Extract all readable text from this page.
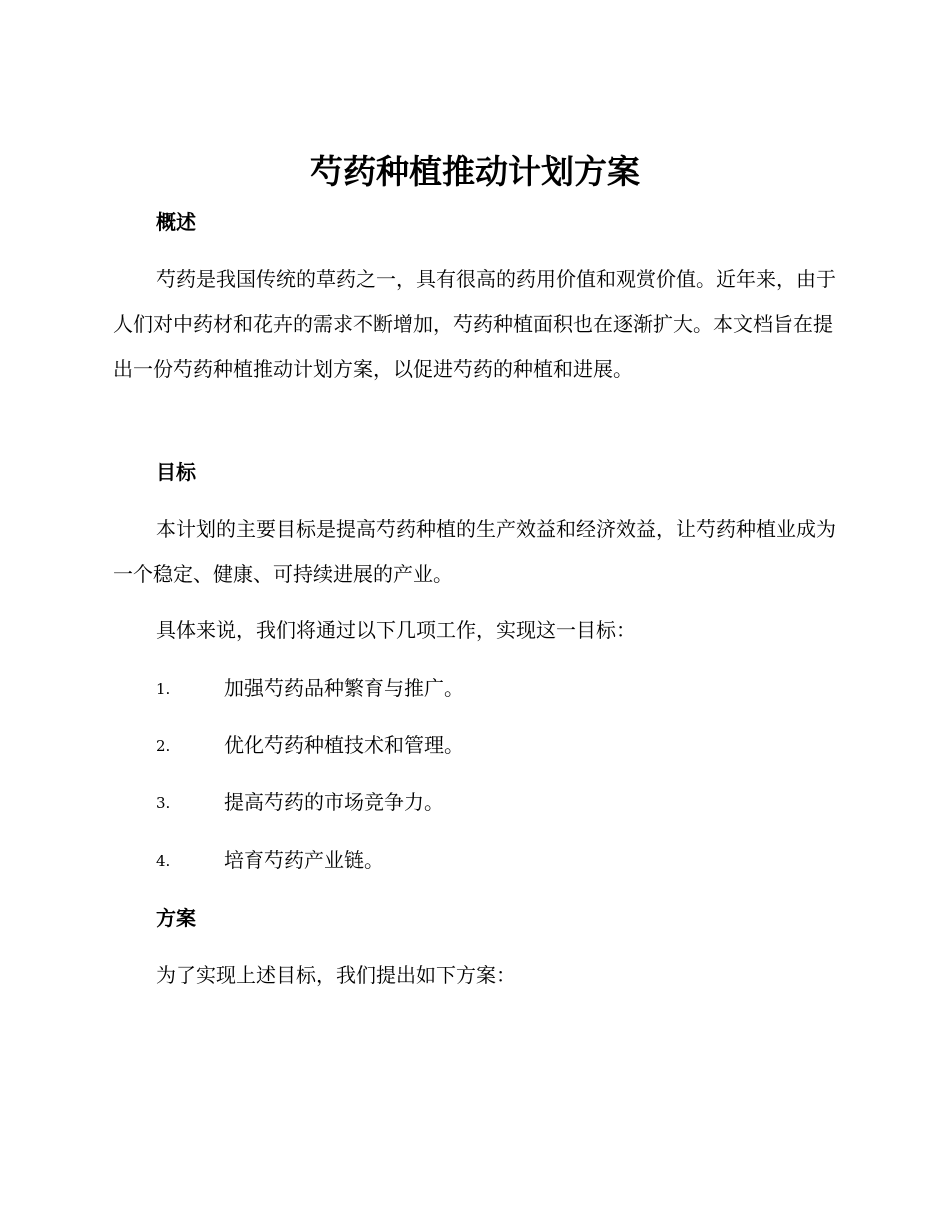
芍药种植推动计划方案
概述

芍药是我国传统的草药之一，具有很高的药用价值和观赏价值。近年来，由于人们对中药材和花卉的需求不断增加，芍药种植面积也在逐渐扩大。本文档旨在提出一份芍药种植推动计划方案，以促进芍药的种植和进展。

目标

本计划的主要目标是提高芍药种植的生产效益和经济效益，让芍药种植业成为一个稳定、健康、可持续进展的产业。

具体来说，我们将通过以下几项工作，实现这一目标：

1.	加强芍药品种繁育与推广。
2.	优化芍药种植技术和管理。
3.	提高芍药的市场竞争力。
4.	培育芍药产业链。
方案

为了实现上述目标，我们提出如下方案：
